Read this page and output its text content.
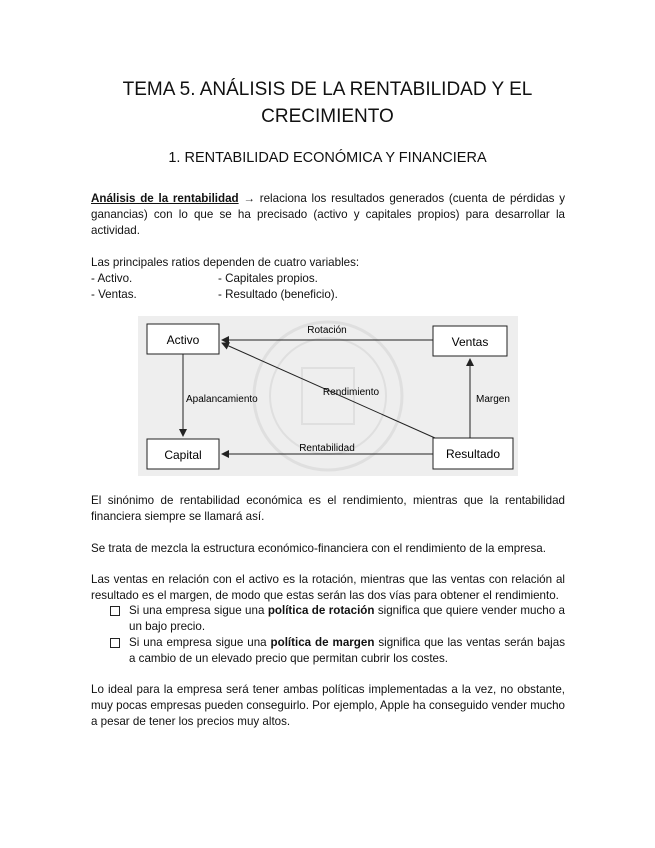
TEMA 5. ANÁLISIS DE LA RENTABILIDAD Y EL
CRECIMIENTO
1. RENTABILIDAD ECONÓMICA Y FINANCIERA
Análisis de la rentabilidad → relaciona los resultados generados (cuenta de pérdidas y ganancias) con lo que se ha precisado (activo y capitales propios) para desarrollar la actividad.
Las principales ratios dependen de cuatro variables:
- Activo.	- Capitales propios.
- Ventas.	- Resultado (beneficio).
Activo	Ventas
Capital	Resultado
Rotación
Rendimiento
Apalancamiento	Margen
Rentabilidad
El sinónimo de rentabilidad económica es el rendimiento, mientras que la rentabilidad financiera siempre se llamará así.
Se trata de mezcla la estructura económico-financiera con el rendimiento de la empresa.
Las ventas en relación con el activo es la rotación, mientras que las ventas con relación al resultado es el margen, de modo que estas serán las dos vías para obtener el rendimiento.
Si una empresa sigue una política de rotación significa que quiere vender mucho a un bajo precio.
Si una empresa sigue una política de margen significa que las ventas serán bajas a cambio de un elevado precio que permitan cubrir los costes.
Lo ideal para la empresa será tener ambas políticas implementadas a la vez, no obstante, muy pocas empresas pueden conseguirlo. Por ejemplo, Apple ha conseguido vender mucho a pesar de tener los precios muy altos.
